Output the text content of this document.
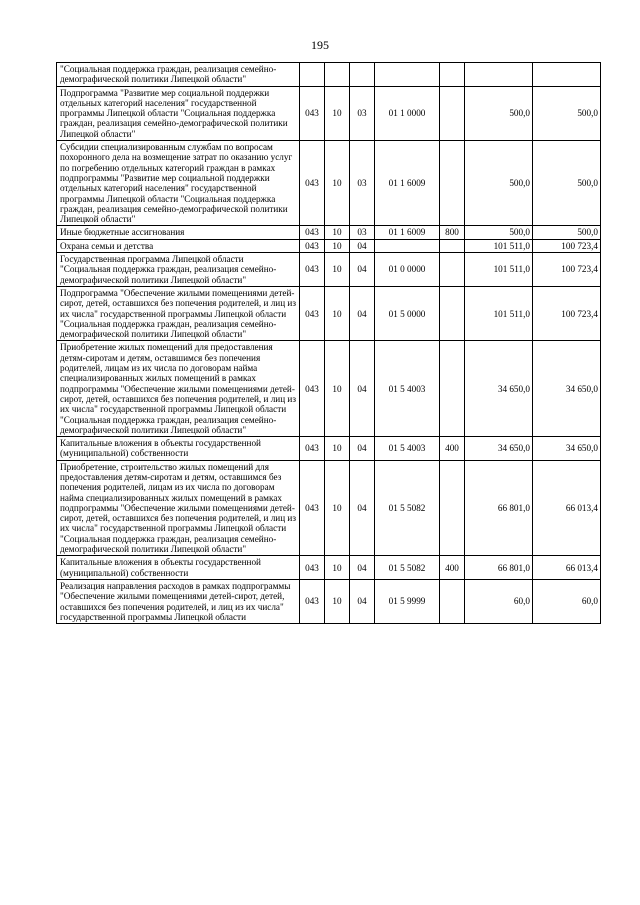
195
"Социальная поддержка граждан, реализация семейно-демографической политики Липецкой области"							
Подпрограмма "Развитие мер социальной поддержки отдельных категорий населения" государственной программы Липецкой области "Социальная поддержка граждан, реализация семейно-демографической политики Липецкой области"	043	10	03	01 1 0000		500,0	500,0
Субсидии специализированным службам по вопросам похоронного дела на возмещение затрат по оказанию услуг по погребению отдельных категорий граждан в рамках подпрограммы "Развитие мер социальной поддержки отдельных категорий населения" государственной программы Липецкой области "Социальная поддержка граждан, реализация семейно-демографической политики Липецкой области"	043	10	03	01 1 6009		500,0	500,0
Иные бюджетные ассигнования	043	10	03	01 1 6009	800	500,0	500,0
Охрана семьи и детства	043	10	04			101 511,0	100 723,4
Государственная программа Липецкой области "Социальная поддержка граждан, реализация семейно-демографической политики Липецкой области"	043	10	04	01 0 0000		101 511,0	100 723,4
Подпрограмма "Обеспечение жилыми помещениями детей-сирот, детей, оставшихся без попечения родителей, и лиц из их числа" государственной программы Липецкой области "Социальная поддержка граждан, реализация семейно-демографической политики Липецкой области"	043	10	04	01 5 0000		101 511,0	100 723,4
Приобретение жилых помещений для предоставления детям-сиротам и детям, оставшимся без попечения родителей, лицам из их числа по договорам найма специализированных жилых помещений в рамках подпрограммы "Обеспечение жилыми помещениями детей-сирот, детей, оставшихся без попечения родителей, и лиц из их числа" государственной программы Липецкой области "Социальная поддержка граждан, реализация семейно-демографической политики Липецкой области"	043	10	04	01 5 4003		34 650,0	34 650,0
Капитальные вложения в объекты государственной (муниципальной) собственности	043	10	04	01 5 4003	400	34 650,0	34 650,0
Приобретение, строительство жилых помещений для предоставления детям-сиротам и детям, оставшимся без попечения родителей, лицам из их числа по договорам найма специализированных жилых помещений в рамках подпрограммы "Обеспечение жилыми помещениями детей-сирот, детей, оставшихся без попечения родителей, и лиц из их числа" государственной программы Липецкой области "Социальная поддержка граждан, реализация семейно-демографической политики Липецкой области"	043	10	04	01 5 5082		66 801,0	66 013,4
Капитальные вложения в объекты государственной (муниципальной) собственности	043	10	04	01 5 5082	400	66 801,0	66 013,4
Реализация направления расходов в рамках подпрограммы "Обеспечение жилыми помещениями детей-сирот, детей, оставшихся без попечения родителей, и лиц из их числа" государственной программы Липецкой области	043	10	04	01 5 9999		60,0	60,0
